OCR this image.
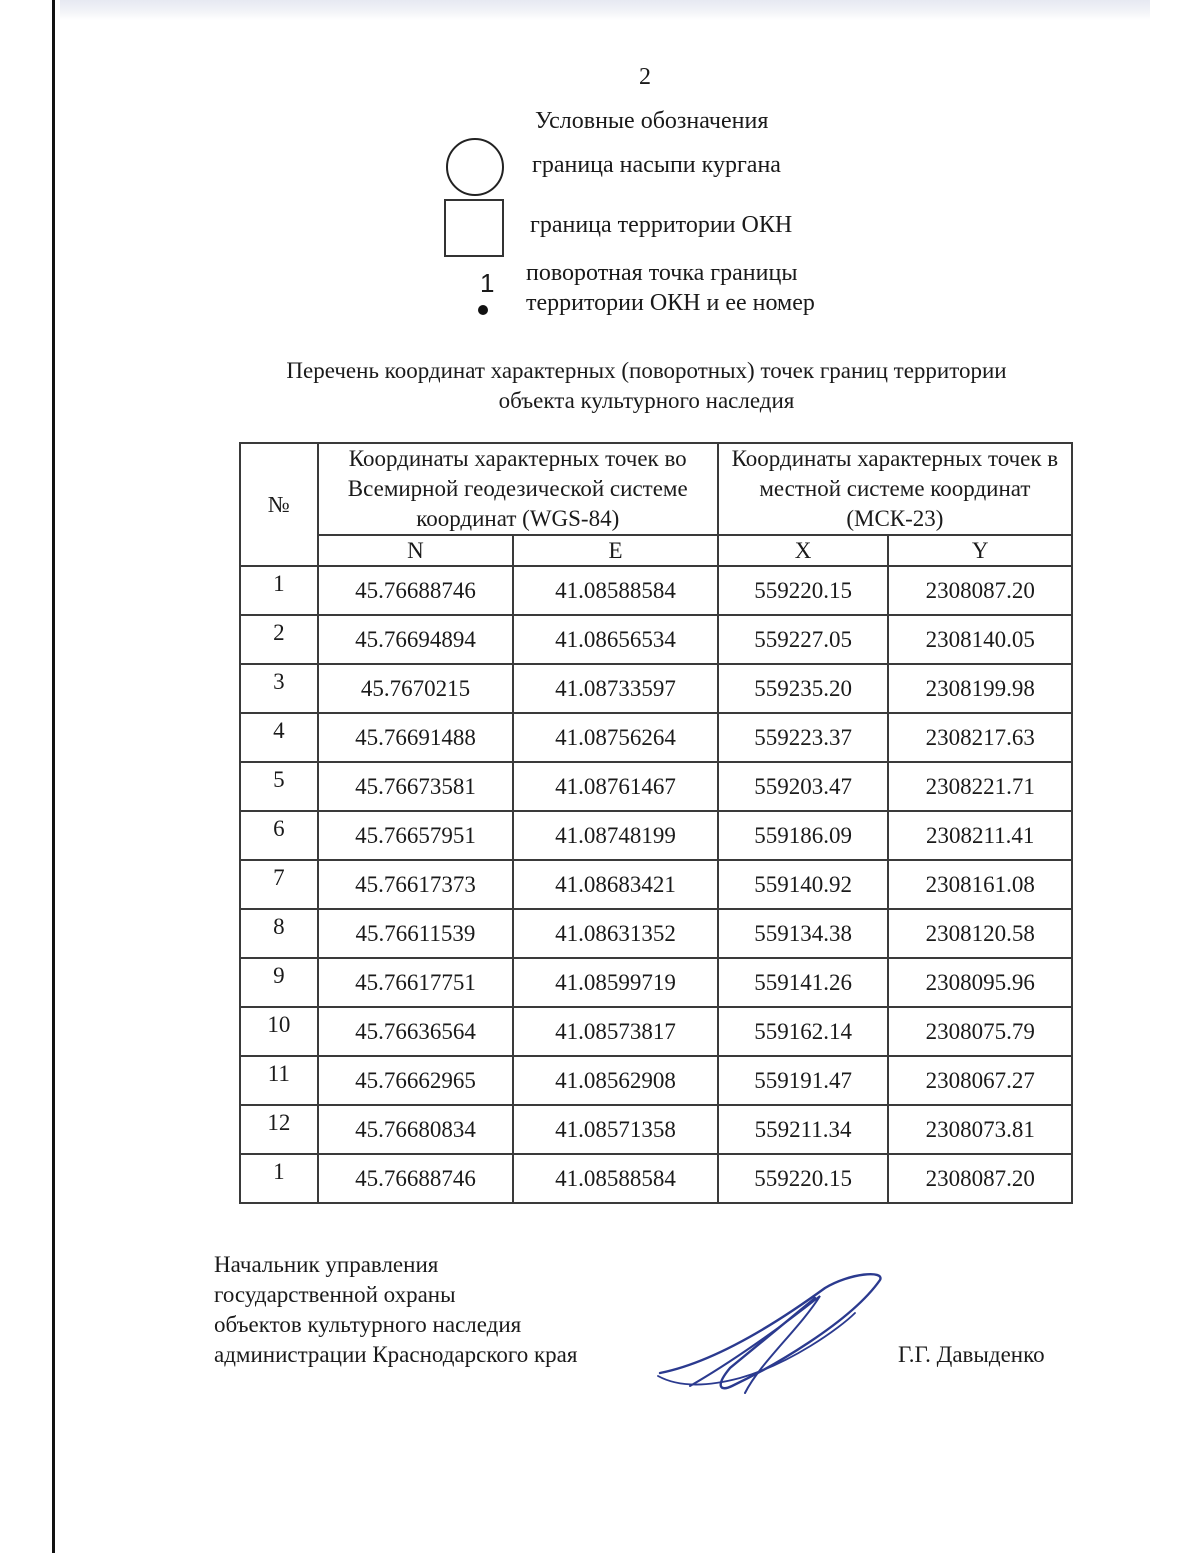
2
Условные обозначения
граница насыпи кургана
граница территории ОКН
1 поворотная точка границы
территории ОКН и ее номер
Перечень координат характерных (поворотных) точек границ территории
объекта культурного наследия
№	Координаты характерных точек во Всемирной геодезической системе координат (WGS-84)		Координаты характерных точек в местной системе координат (МСК-23)	
	N	E	X	Y
1	45.76688746	41.08588584	559220.15	2308087.20
2	45.76694894	41.08656534	559227.05	2308140.05
3	45.7670215	41.08733597	559235.20	2308199.98
4	45.76691488	41.08756264	559223.37	2308217.63
5	45.76673581	41.08761467	559203.47	2308221.71
6	45.76657951	41.08748199	559186.09	2308211.41
7	45.76617373	41.08683421	559140.92	2308161.08
8	45.76611539	41.08631352	559134.38	2308120.58
9	45.76617751	41.08599719	559141.26	2308095.96
10	45.76636564	41.08573817	559162.14	2308075.79
11	45.76662965	41.08562908	559191.47	2308067.27
12	45.76680834	41.08571358	559211.34	2308073.81
1	45.76688746	41.08588584	559220.15	2308087.20
Начальник управления
государственной охраны
объектов культурного наследия
администрации Краснодарского края	Г.Г. Давыденко
